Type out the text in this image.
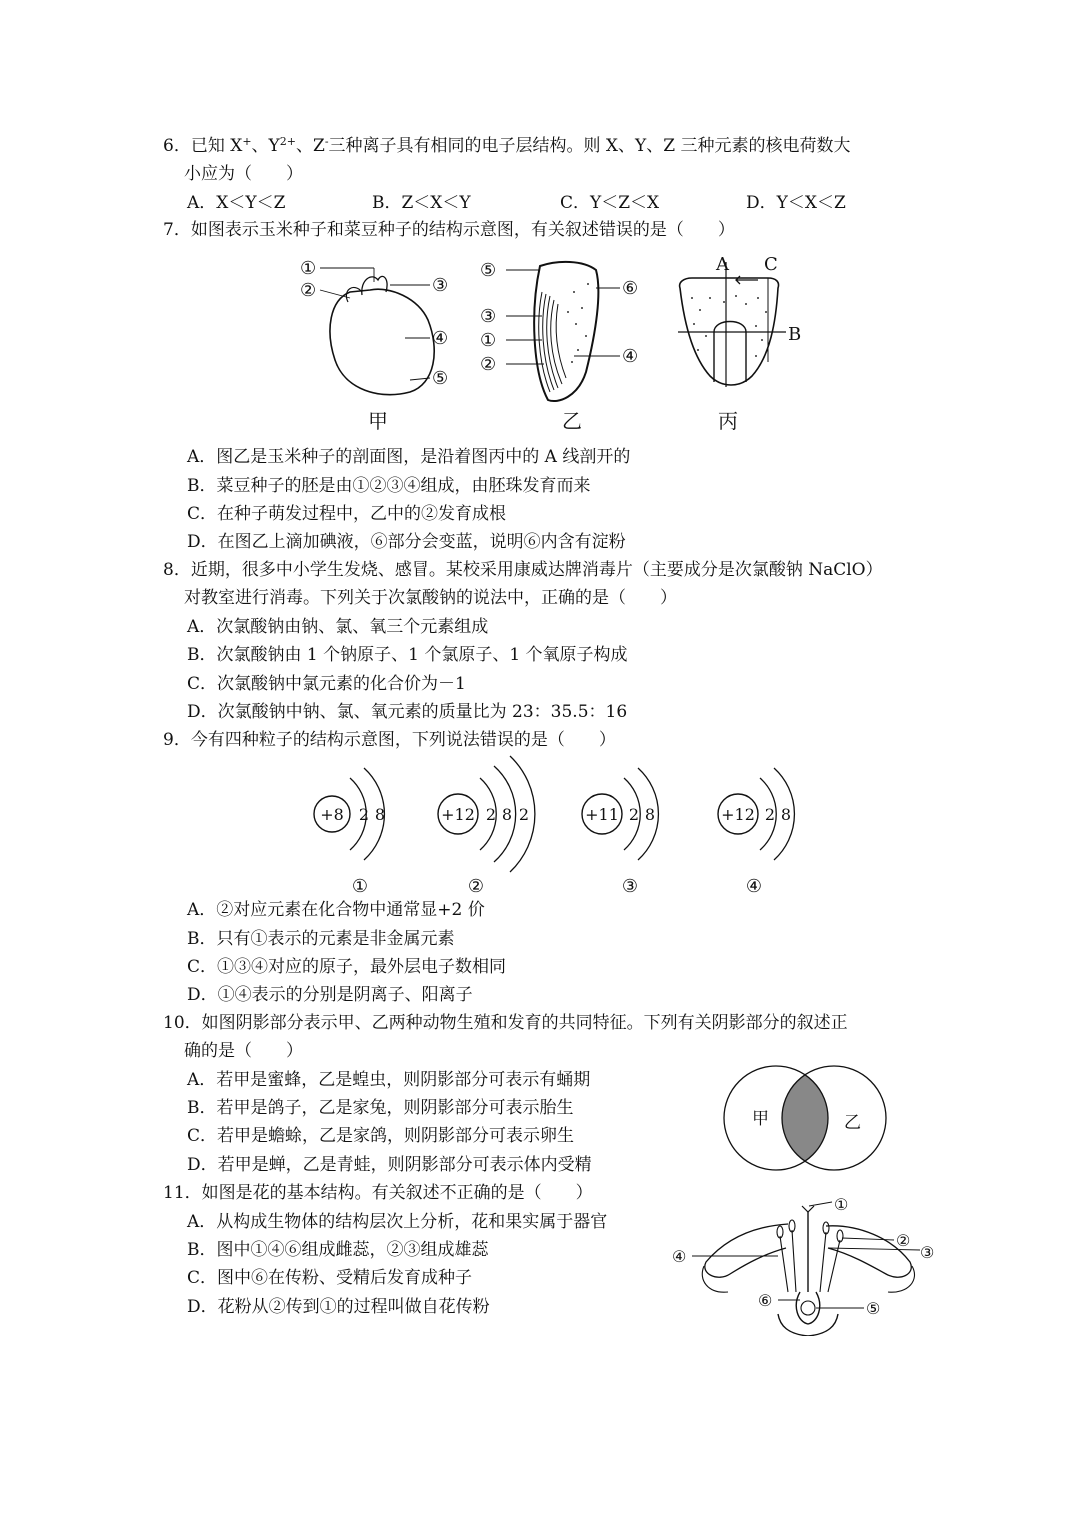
6．已知 X+、$Y^{2+}$、Z-三种离子具有相同的电子层结构。则 X、Y、Z 三种元素的核电荷数大
小应为（　　）
A．X＜Y＜Z	B．Z＜X＜Y	C．Y＜Z＜X	D．Y＜X＜Z
7．如图表示玉米种子和菜豆种子的结构示意图，有关叙述错误的是（　　）
①
②	③
④
⑤
甲
⑤
⑥
③
①
②	④
乙
A C
B
丙
A．图乙是玉米种子的剖面图，是沿着图丙中的 A 线剖开的
B．菜豆种子的胚是由①②③④组成，由胚珠发育而来
C．在种子萌发过程中，乙中的②发育成根
D．在图乙上滴加碘液，⑥部分会变蓝，说明⑥内含有淀粉
8．近期，很多中小学生发烧、感冒。某校采用康威达牌消毒片（主要成分是次氯酸钠 NaClO）
对教室进行消毒。下列关于次氯酸钠的说法中，正确的是（　　）
A．次氯酸钠由钠、氯、氧三个元素组成
B．次氯酸钠由 1 个钠原子、1 个氯原子、1 个氧原子构成
C．次氯酸钠中氯元素的化合价为－1
D．次氯酸钠中钠、氯、氧元素的质量比为 23：35.5：16
9．今有四种粒子的结构示意图，下列说法错误的是（　　）
+8 2 8
①
+12 2 8 2
②
+11 2 8
③
+12 2 8
④
A．②对应元素在化合物中通常显+2 价
B．只有①表示的元素是非金属元素
C．①③④对应的原子，最外层电子数相同
D．①④表示的分别是阴离子、阳离子
10．如图阴影部分表示甲、乙两种动物生殖和发育的共同特征。下列有关阴影部分的叙述正
确的是（　　）
A．若甲是蜜蜂，乙是蝗虫，则阴影部分可表示有蛹期
B．若甲是鸽子，乙是家兔，则阴影部分可表示胎生
C．若甲是蟾蜍，乙是家鸽，则阴影部分可表示卵生
D．若甲是蝉，乙是青蛙，则阴影部分可表示体内受精
甲	乙
11．如图是花的基本结构。有关叙述不正确的是（　　）
A．从构成生物体的结构层次上分析，花和果实属于器官
B．图中①④⑥组成雌蕊，②③组成雄蕊
C．图中⑥在传粉、受精后发育成种子
D．花粉从②传到①的过程叫做自花传粉
①
②
③
④
⑤
⑥
